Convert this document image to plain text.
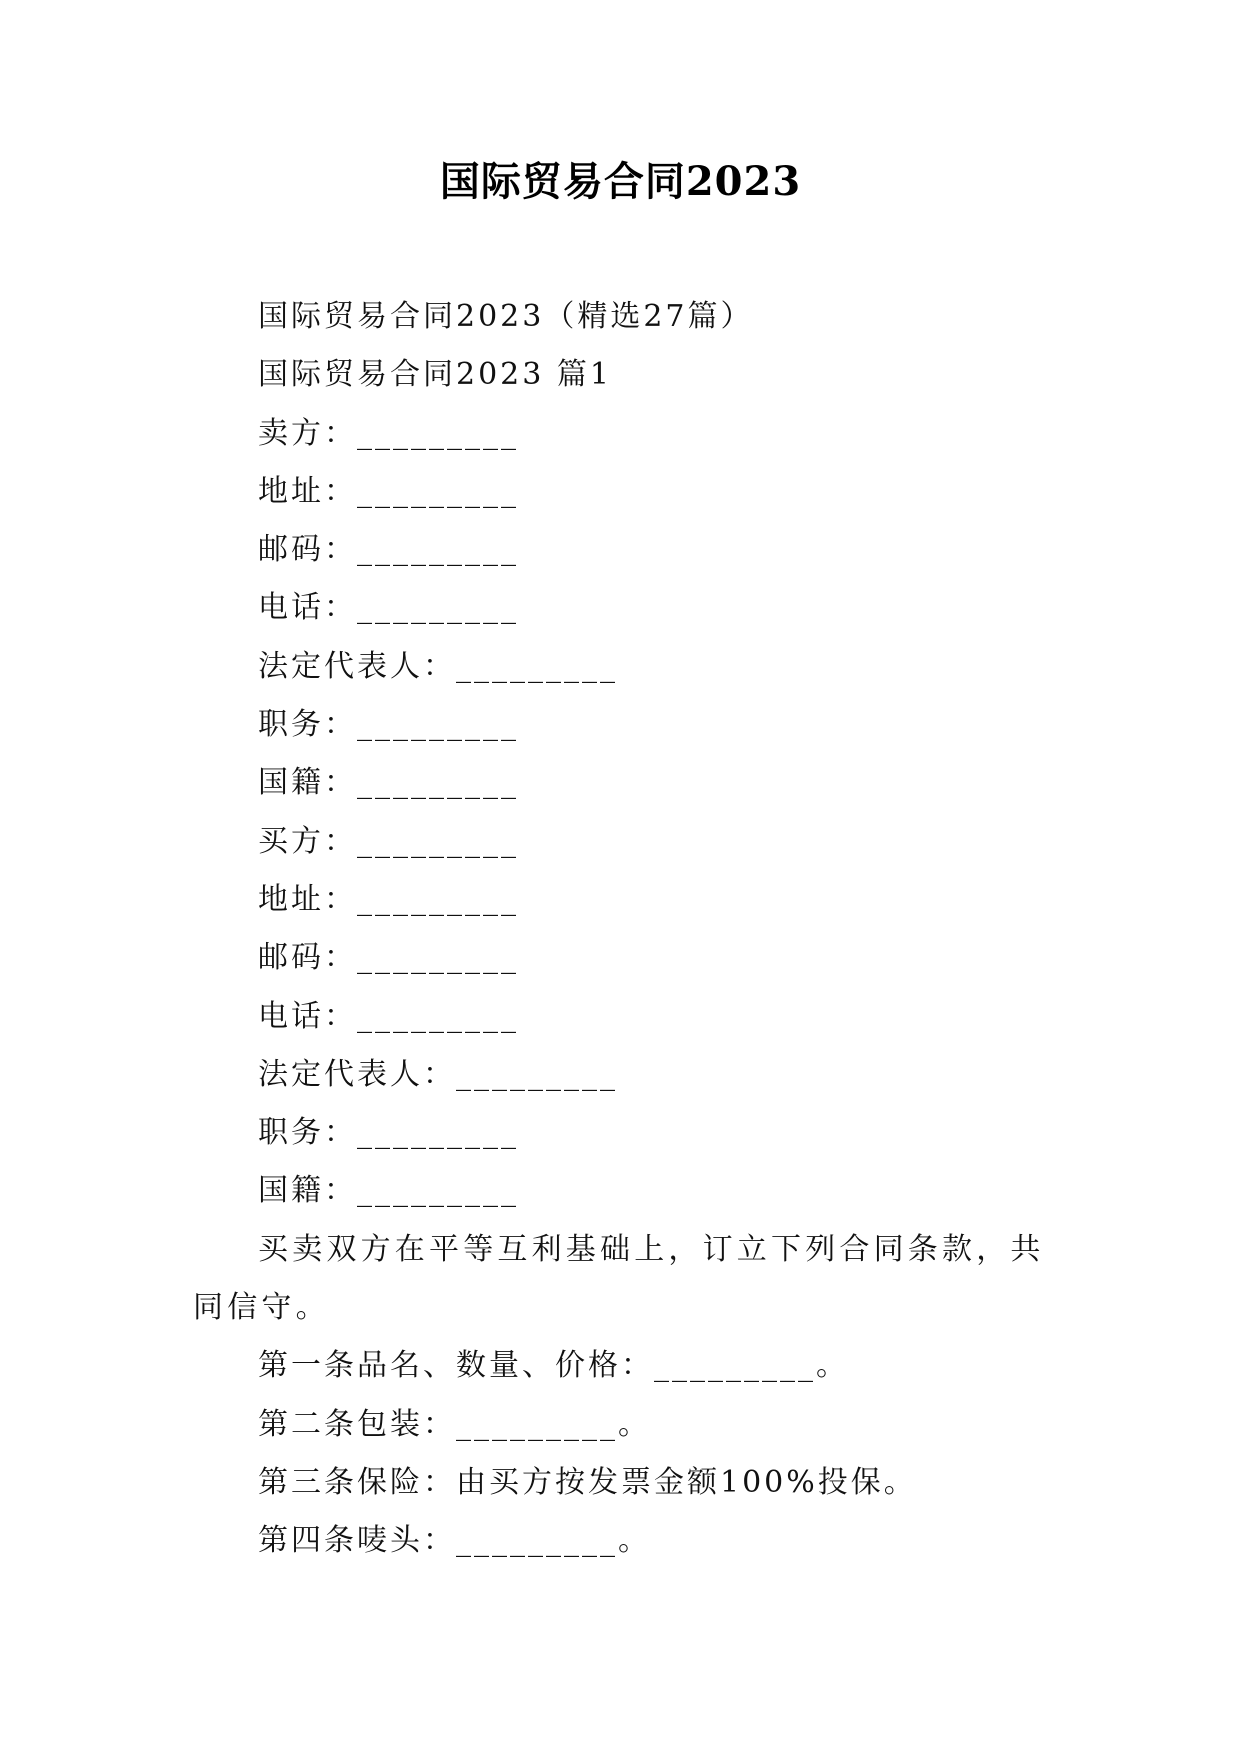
国际贸易合同2023
国际贸易合同2023（精选27篇）
国际贸易合同2023 篇1
卖方：_________
地址：_________
邮码：_________
电话：_________
法定代表人：_________
职务：_________
国籍：_________
买方：_________
地址：_________
邮码：_________
电话：_________
法定代表人：_________
职务：_________
国籍：_________
买卖双方在平等互利基础上，订立下列合同条款，共同信守。
第一条品名、数量、价格：_________。
第二条包装：_________。
第三条保险：由买方按发票金额100%投保。
第四条唛头：_________。
